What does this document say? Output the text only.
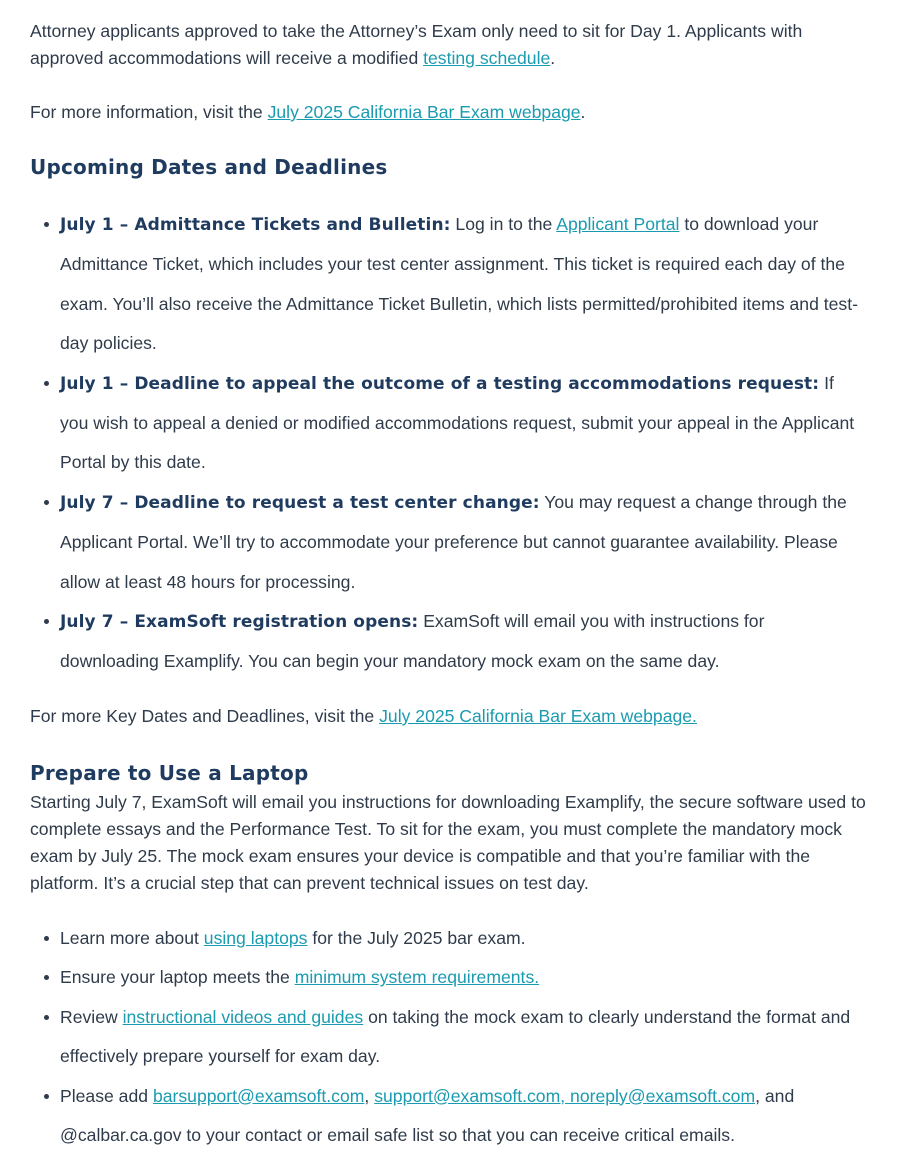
Attorney applicants approved to take the Attorney’s Exam only need to sit for Day 1. Applicants with approved accommodations will receive a modified testing schedule.

For more information, visit the July 2025 California Bar Exam webpage.

Upcoming Dates and Deadlines
July 1 – Admittance Tickets and Bulletin: Log in to the Applicant Portal to download your Admittance Ticket, which includes your test center assignment. This ticket is required each day of the exam. You’ll also receive the Admittance Ticket Bulletin, which lists permitted/prohibited items and test-day policies.
July 1 – Deadline to appeal the outcome of a testing accommodations request: If you wish to appeal a denied or modified accommodations request, submit your appeal in the Applicant Portal by this date.
July 7 – Deadline to request a test center change: You may request a change through the Applicant Portal. We’ll try to accommodate your preference but cannot guarantee availability. Please allow at least 48 hours for processing.
July 7 – ExamSoft registration opens: ExamSoft will email you with instructions for downloading Examplify. You can begin your mandatory mock exam on the same day.

For more Key Dates and Deadlines, visit the July 2025 California Bar Exam webpage.

Prepare to Use a Laptop

Starting July 7, ExamSoft will email you instructions for downloading Examplify, the secure software used to complete essays and the Performance Test. To sit for the exam, you must complete the mandatory mock exam by July 25. The mock exam ensures your device is compatible and that you’re familiar with the platform. It’s a crucial step that can prevent technical issues on test day.

Learn more about using laptops for the July 2025 bar exam.
Ensure your laptop meets the minimum system requirements.
Review instructional videos and guides on taking the mock exam to clearly understand the format and effectively prepare yourself for exam day.
Please add barsupport@examsoft.com, support@examsoft.com, noreply@examsoft.com, and @calbar.ca.gov to your contact or email safe list so that you can receive critical emails.
